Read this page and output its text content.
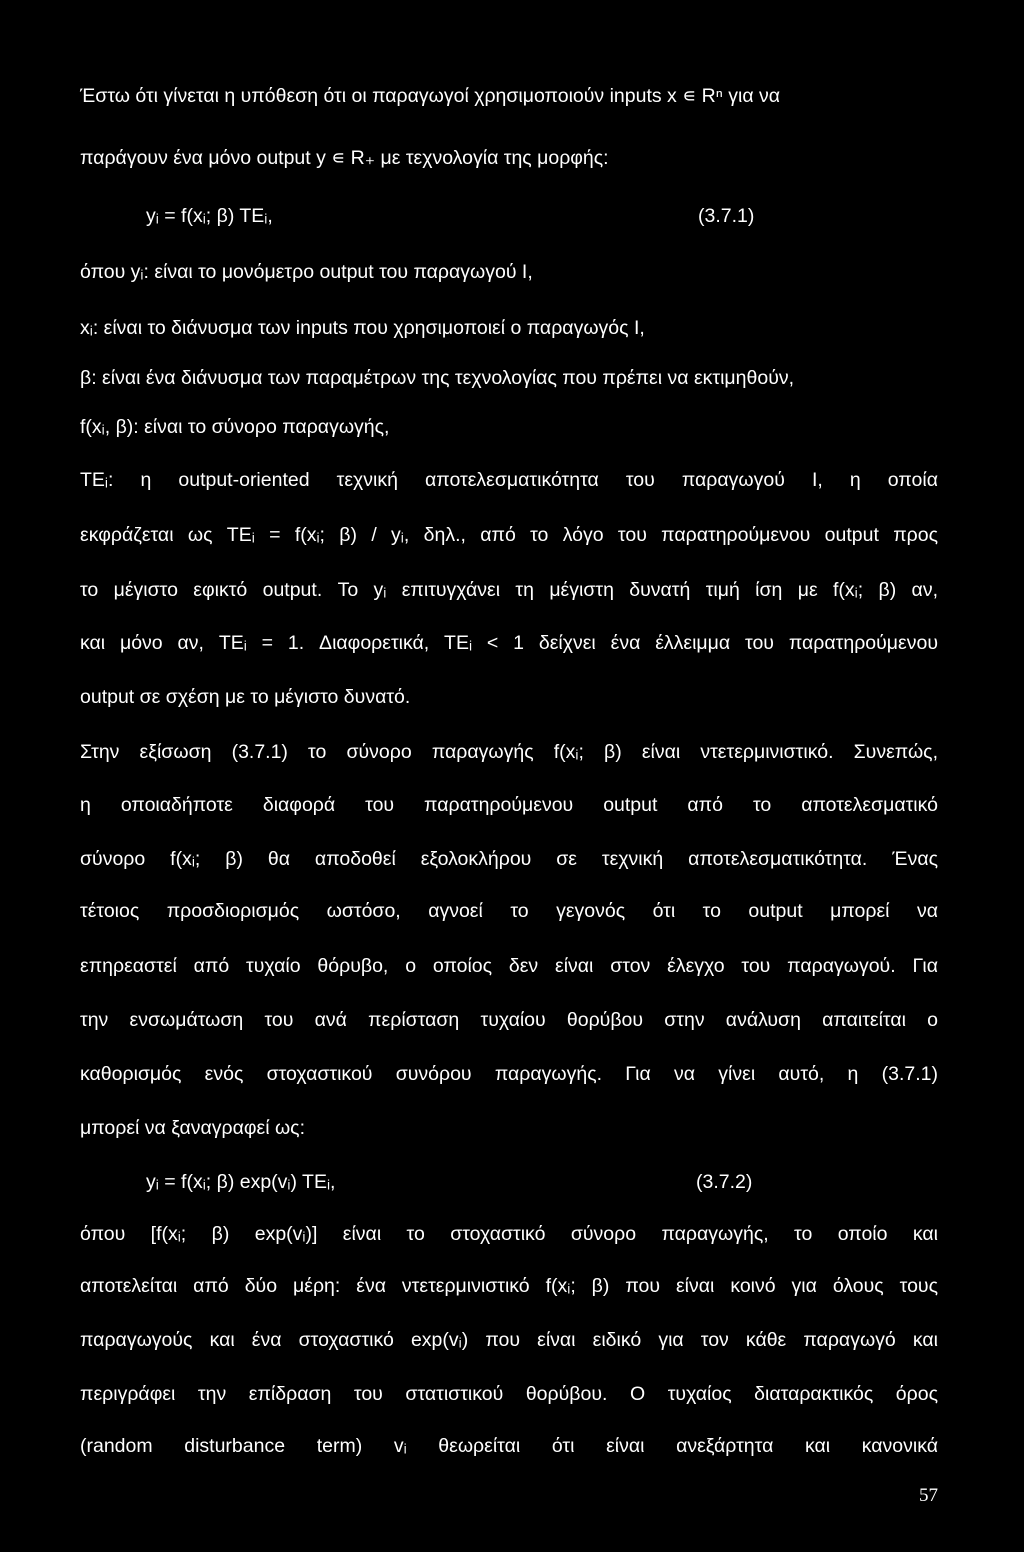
Έστω ότι γίνεται η υπόθεση ότι οι παραγωγοί χρησιμοποιούν inputs x ∊ Rⁿ για να
παράγουν ένα μόνο output y ∊ R₊ με τεχνολογία της μορφής:
yᵢ = f(xᵢ; β) TEᵢ,	(3.7.1)
όπου yᵢ: είναι το μονόμετρο output του παραγωγού I,
xᵢ: είναι το διάνυσμα των inputs που χρησιμοποιεί ο παραγωγός I,
β: είναι ένα διάνυσμα των παραμέτρων της τεχνολογίας που πρέπει να εκτιμηθούν,
f(xᵢ, β): είναι το σύνορο παραγωγής,
TEᵢ: η output-oriented τεχνική αποτελεσματικότητα του παραγωγού I, η οποία
εκφράζεται ως TEᵢ = f(xᵢ; β) / yᵢ, δηλ., από το λόγο του παρατηρούμενου output προς
το μέγιστο εφικτό output. Το yᵢ επιτυγχάνει τη μέγιστη δυνατή τιμή ίση με f(xᵢ; β) αν,
και μόνο αν, TEᵢ = 1. Διαφορετικά, TEᵢ < 1 δείχνει ένα έλλειμμα του παρατηρούμενου
output σε σχέση με το μέγιστο δυνατό.
Στην εξίσωση (3.7.1) το σύνορο παραγωγής f(xᵢ; β) είναι ντετερμινιστικό. Συνεπώς,
η οποιαδήποτε διαφορά του παρατηρούμενου output από το αποτελεσματικό
σύνορο f(xᵢ; β) θα αποδοθεί εξολοκλήρου σε τεχνική αποτελεσματικότητα. Ένας
τέτοιος προσδιορισμός ωστόσο, αγνοεί το γεγονός ότι το output μπορεί να
επηρεαστεί από τυχαίο θόρυβο, ο οποίος δεν είναι στον έλεγχο του παραγωγού. Για
την ενσωμάτωση του ανά περίσταση τυχαίου θορύβου στην ανάλυση απαιτείται ο
καθορισμός ενός στοχαστικού συνόρου παραγωγής. Για να γίνει αυτό, η (3.7.1)
μπορεί να ξαναγραφεί ως:
yᵢ = f(xᵢ; β) exp(vᵢ) TEᵢ,	(3.7.2)
όπου [f(xᵢ; β) exp(vᵢ)] είναι το στοχαστικό σύνορο παραγωγής, το οποίο και
αποτελείται από δύο μέρη: ένα ντετερμινιστικό f(xᵢ; β) που είναι κοινό για όλους τους
παραγωγούς και ένα στοχαστικό exp(vᵢ) που είναι ειδικό για τον κάθε παραγωγό και
περιγράφει την επίδραση του στατιστικού θορύβου. Ο τυχαίος διαταρακτικός όρος
(random disturbance term) vᵢ θεωρείται ότι είναι ανεξάρτητα και κανονικά
57
